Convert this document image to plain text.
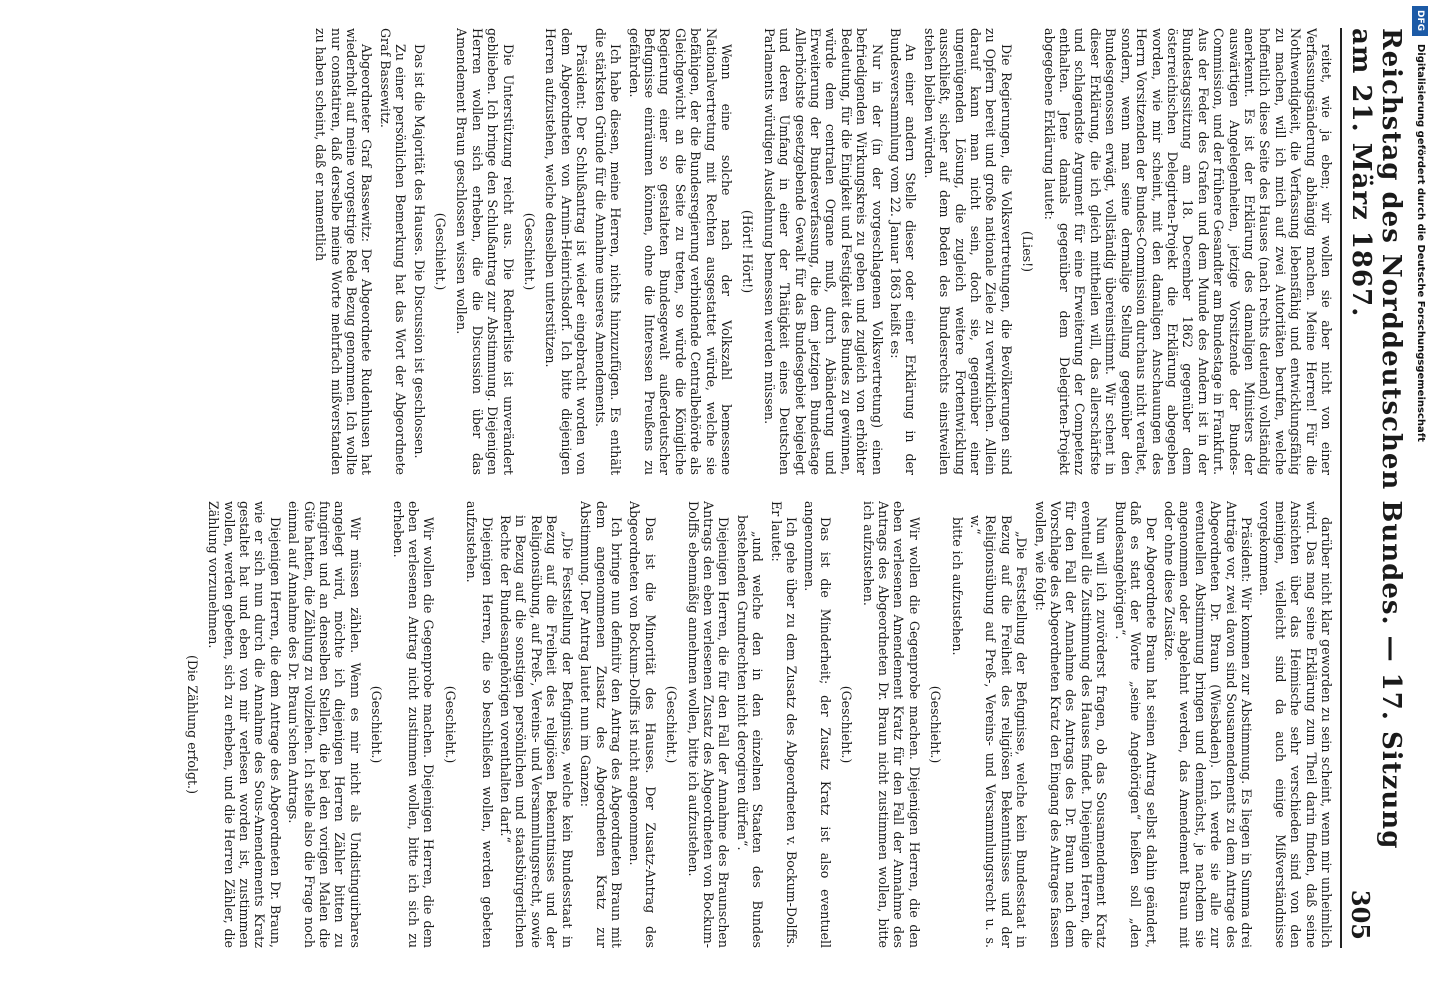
Reichstag des Norddeutschen Bundes. — 17. Sitzung am 21. März 1867.
305

reitet, wie ja eben; wir wollen sie aber nicht von einer Verfassungsänderung abhängig machen. Meine Herren! Für die Nothwendigkeit, die Verfassung lebensfähig und entwicklungsfähig zu machen, will ich mich auf zwei Autoritäten berufen, welche hoffentlich diese Seite des Hauses (nach rechts deutend) vollständig anerkennt. Es ist der Erklärung des damaligen Ministers der auswärtigen Angelegenheiten, jetzige Vorsitzende der Bundes-Commission, und der frühere Gesandter am Bundestage in Frankfurt. Aus der Feder des Grafen und dem Munde des Andern ist in der Bundestagssitzung am 18. December 1862 gegenüber dem österreichischen Delegirten-Projekt die Erklärung abgegeben worden, wie mir scheint, mit den damaligen Anschauungen des Herrn Vorsitzenden der Bundes-Commission durchaus nicht veraltet, sondern, wenn man seine dermalige Stellung gegenüber den Bundesgenossen erwägt, vollständig übereinstimmt. Wir schent in dieser Erklärung, die ich gleich mittheilen will, das allerschärfste und schlagendste Argument für eine Erweiterung der Competenz enthalten. Jene damals gegenüber dem Delegirten-Projekt abgegebene Erklärung lautet:

(Lies!)

Die Regierungen, die Volksvertretungen, die Bevölkerungen sind zu Opfern bereit und große nationale Ziele zu verwirklichen. Allein darauf kann man nicht sein, doch sie, gegenüber einer ungenügenden Lösung, die zugleich weitere Fortentwicklung ausschließt, sicher auf dem Boden des Bundesrechts einstweilen stehen bleiben würden.

An einer andern Stelle dieser oder einer Erklärung in der Bundesversammlung vom 22. Januar 1863 heißt es:

Nur in der (in der vorgeschlagenen Volksvertretung) einen befriedigenden Wirkungskreis zu geben und zugleich von erhöhter Bedeutung, für die Einigkeit und Festigkeit des Bundes zu gewinnen, würde dem centralen Organe muß, durch Abänderung und Erweiterung der Bundesverfassung, die dem jetzigen Bundestage Allerhöchste gesetzgebende Gewalt für das Bundesgebiet beigelegt und deren Umfang in einer der Thätigkeit eines Deutschen Parlaments würdigen Ausdehnung bemessen werden müssen.

(Hört! Hört!)

Wenn eine solche nach der Volkszahl bemessene Nationalvertretung mit Rechten ausgestattet würde, welche sie befähigen, der die Bundesregierung verbindende Centralbehörde als Gleichgewicht an die Seite zu treten, so würde die Königliche Regierung einer so gestalteten Bundesgewalt außerdeutscher Befugnisse einräumen können, ohne die Interessen Preußens zu gefährden.

Ich habe diesen, meine Herren, nichts hinzuzufügen. Es enthält die stärksten Gründe für die Annahme unseres Amendements.

Präsident: Der Schlußantrag ist wieder eingebracht worden von dem Abgeordneten von Arnim-Heinrichsdorf. Ich bitte diejenigen Herren aufzustehen, welche denselben unterstützen.

(Geschieht.)

Die Unterstützung reicht aus. Die Rednerliste ist unverändert geblieben. Ich bringe den Schlußantrag zur Abstimmung. Diejenigen Herren wollen sich erheben, die die Discussion über das Amendement Braun geschlossen wissen wollen.

(Geschieht.)

Das ist die Majorität des Hauses. Die Discussion ist geschlossen.

Zu einer persönlichen Bemerkung hat das Wort der Abgeordnete Graf Bassewitz.

Abgeordneter Graf Bassewitz: Der Abgeordnete Rudenhusen hat wiederholt auf meine vorgestrige Rede Bezug genommen. Ich wollte nur constatiren, daß derselbe meine Worte mehrfach mißverstanden zu haben scheint, daß er namentlich

darüber nicht klar geworden zu sein scheint, wenn mir unheimlich wird. Das mag seine Erklärung zum Theil darin finden, daß seine Ansichten über das Heimische sehr verschieden sind von den meinigen, vielleicht sind da auch einige Mißverständnisse vorgekommen.

Präsident: Wir kommen zur Abstimmung. Es liegen in Summa drei Anträge vor, zwei davon sind Sousamendements zu dem Antrage des Abgeordneten Dr. Braun (Wiesbaden). Ich werde sie alle zur eventuellen Abstimmung bringen und demnächst, je nachdem sie angenommen oder abgelehnt werden, das Amendement Braun mit oder ohne diese Zusätze.

Der Abgeordnete Braun hat seinen Antrag selbst dahin geändert, daß es statt der Worte „seine Angehörigen“ heißen soll „den Bundesangehörigen“.

Nun will ich zuvörderst fragen, ob das Sousamendement Kratz eventuell die Zustimmung des Hauses findet. Diejenigen Herren, die für den Fall der Annahme des Antrags des Dr. Braun nach dem Vorschlage des Abgeordneten Kratz den Eingang des Antrages fassen wollen, wie folgt:

„Die Feststellung der Befugnisse, welche kein Bundesstaat in Bezug auf die Freiheit des religiösen Bekenntnisses und der Religionsübung auf Preß-, Vereins- und Versammlungsrecht u. s. w.“

bitte ich aufzustehen.

(Geschieht.)

Wir wollen die Gegenprobe machen. Diejenigen Herren, die den eben verlesenen Amendement Kratz für den Fall der Annahme des Antrags des Abgeordneten Dr. Braun nicht zustimmen wollen, bitte ich aufzustehen.

(Geschieht.)

Das ist die Minderheit; der Zusatz Kratz ist also eventuell angenommen.

Ich gehe über zu dem Zusatz des Abgeordneten v. Bockum-Dolffs. Er lautet:

„und welche den in den einzelnen Staaten des Bundes bestehenden Grundrechten nicht derogiren dürfen“.

Diejenigen Herren, die für den Fall der Annahme des Braunschen Antrags den eben verlesenen Zusatz des Abgeordneten von Bockum-Dolffs ebenmäßig annehmen wollen, bitte ich aufzustehen.

(Geschieht.)

Das ist die Minorität des Hauses. Der Zusatz-Antrag des Abgeordneten von Bockum-Dolffs ist nicht angenommen.

Ich bringe nun definitiv den Antrag des Abgeordneten Braun mit dem angenommenen Zusatz des Abgeordneten Kratz zur Abstimmung. Der Antrag lautet nun im Ganzen:

„Die Feststellung der Befugnisse, welche kein Bundesstaat in Bezug auf die Freiheit des religiösen Bekenntnisses und der Religionsübung, auf Preß-, Vereins- und Versammlungsrecht, sowie in Bezug auf die sonstigen persönlichen und staatsbürgerlichen Rechte der Bundesangehörigen vorenthalten darf.“

Diejenigen Herren, die so beschließen wollen, werden gebeten aufzustehen.

(Geschieht.)

Wir wollen die Gegenprobe machen. Diejenigen Herren, die dem eben verlesenen Antrag nicht zustimmen wollen, bitte ich sich zu erheben.

(Geschieht.)

Wir müssen zählen. Wenn es mir nicht als Undistinguirbares angelegt wird, möchte ich diejenigen Herren Zähler bitten zu fungiren und an denselben Stellen, die bei den vorigen Malen die Güte hatten, die Zählung zu vollziehen. Ich stelle also die Frage noch einmal auf Annahme des Dr. Braun'schen Antrags.

Diejenigen Herren, die dem Antrage des Abgeordneten Dr. Braun, wie er sich nun durch die Annahme des Sous-Amendements Kratz gestaltet hat und eben von mir verlesen worden ist, zustimmen wollen, werden gebeten, sich zu erheben, und die Herren Zähler, die Zählung vorzunehmen.

(Die Zählung erfolgt.)

DFG
Digitalisierung gefördert durch die Deutsche Forschungsgemeinschaft
